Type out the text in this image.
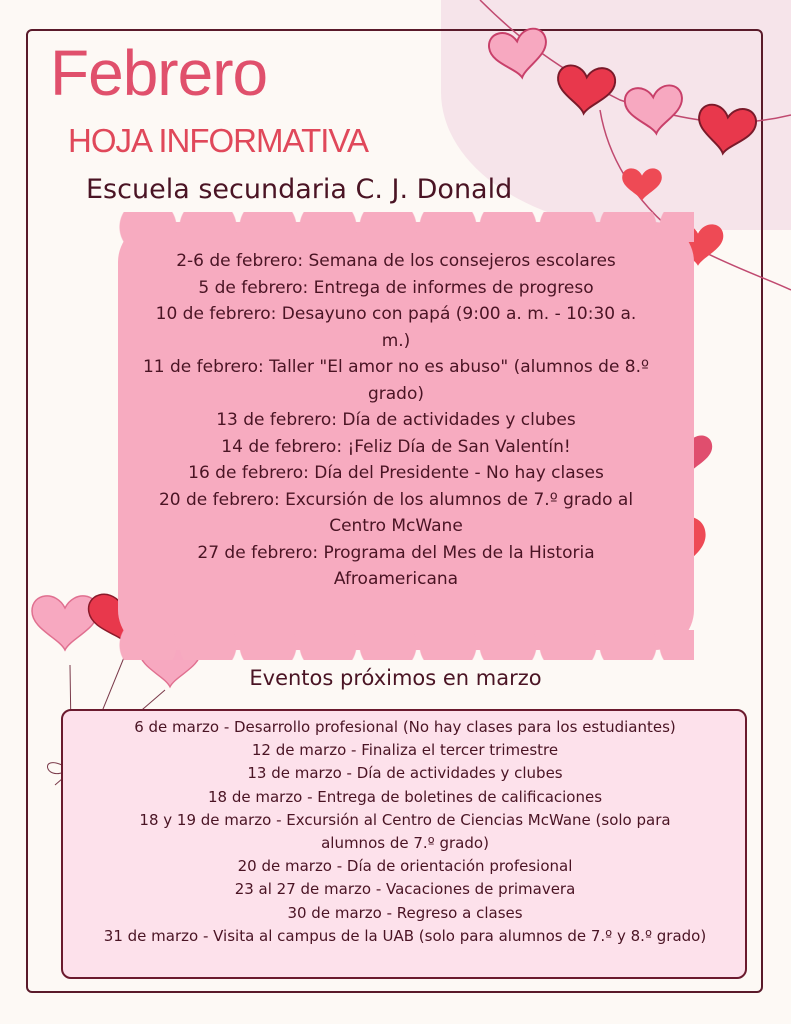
Febrero
HOJA INFORMATIVA
Escuela secundaria C. J. Donald
2-6 de febrero: Semana de los consejeros escolares
5 de febrero: Entrega de informes de progreso
10 de febrero: Desayuno con papá (9:00 a. m. - 10:30 a. m.)
11 de febrero: Taller "El amor no es abuso" (alumnos de 8.º grado)
13 de febrero: Día de actividades y clubes
14 de febrero: ¡Feliz Día de San Valentín!
16 de febrero: Día del Presidente - No hay clases
20 de febrero: Excursión de los alumnos de 7.º grado al Centro McWane
27 de febrero: Programa del Mes de la Historia Afroamericana
Eventos próximos en marzo
6 de marzo - Desarrollo profesional (No hay clases para los estudiantes)
12 de marzo - Finaliza el tercer trimestre
13 de marzo - Día de actividades y clubes
18 de marzo - Entrega de boletines de calificaciones
18 y 19 de marzo - Excursión al Centro de Ciencias McWane (solo para alumnos de 7.º grado)
20 de marzo - Día de orientación profesional
23 al 27 de marzo - Vacaciones de primavera
30 de marzo - Regreso a clases
31 de marzo - Visita al campus de la UAB (solo para alumnos de 7.º y 8.º grado)
